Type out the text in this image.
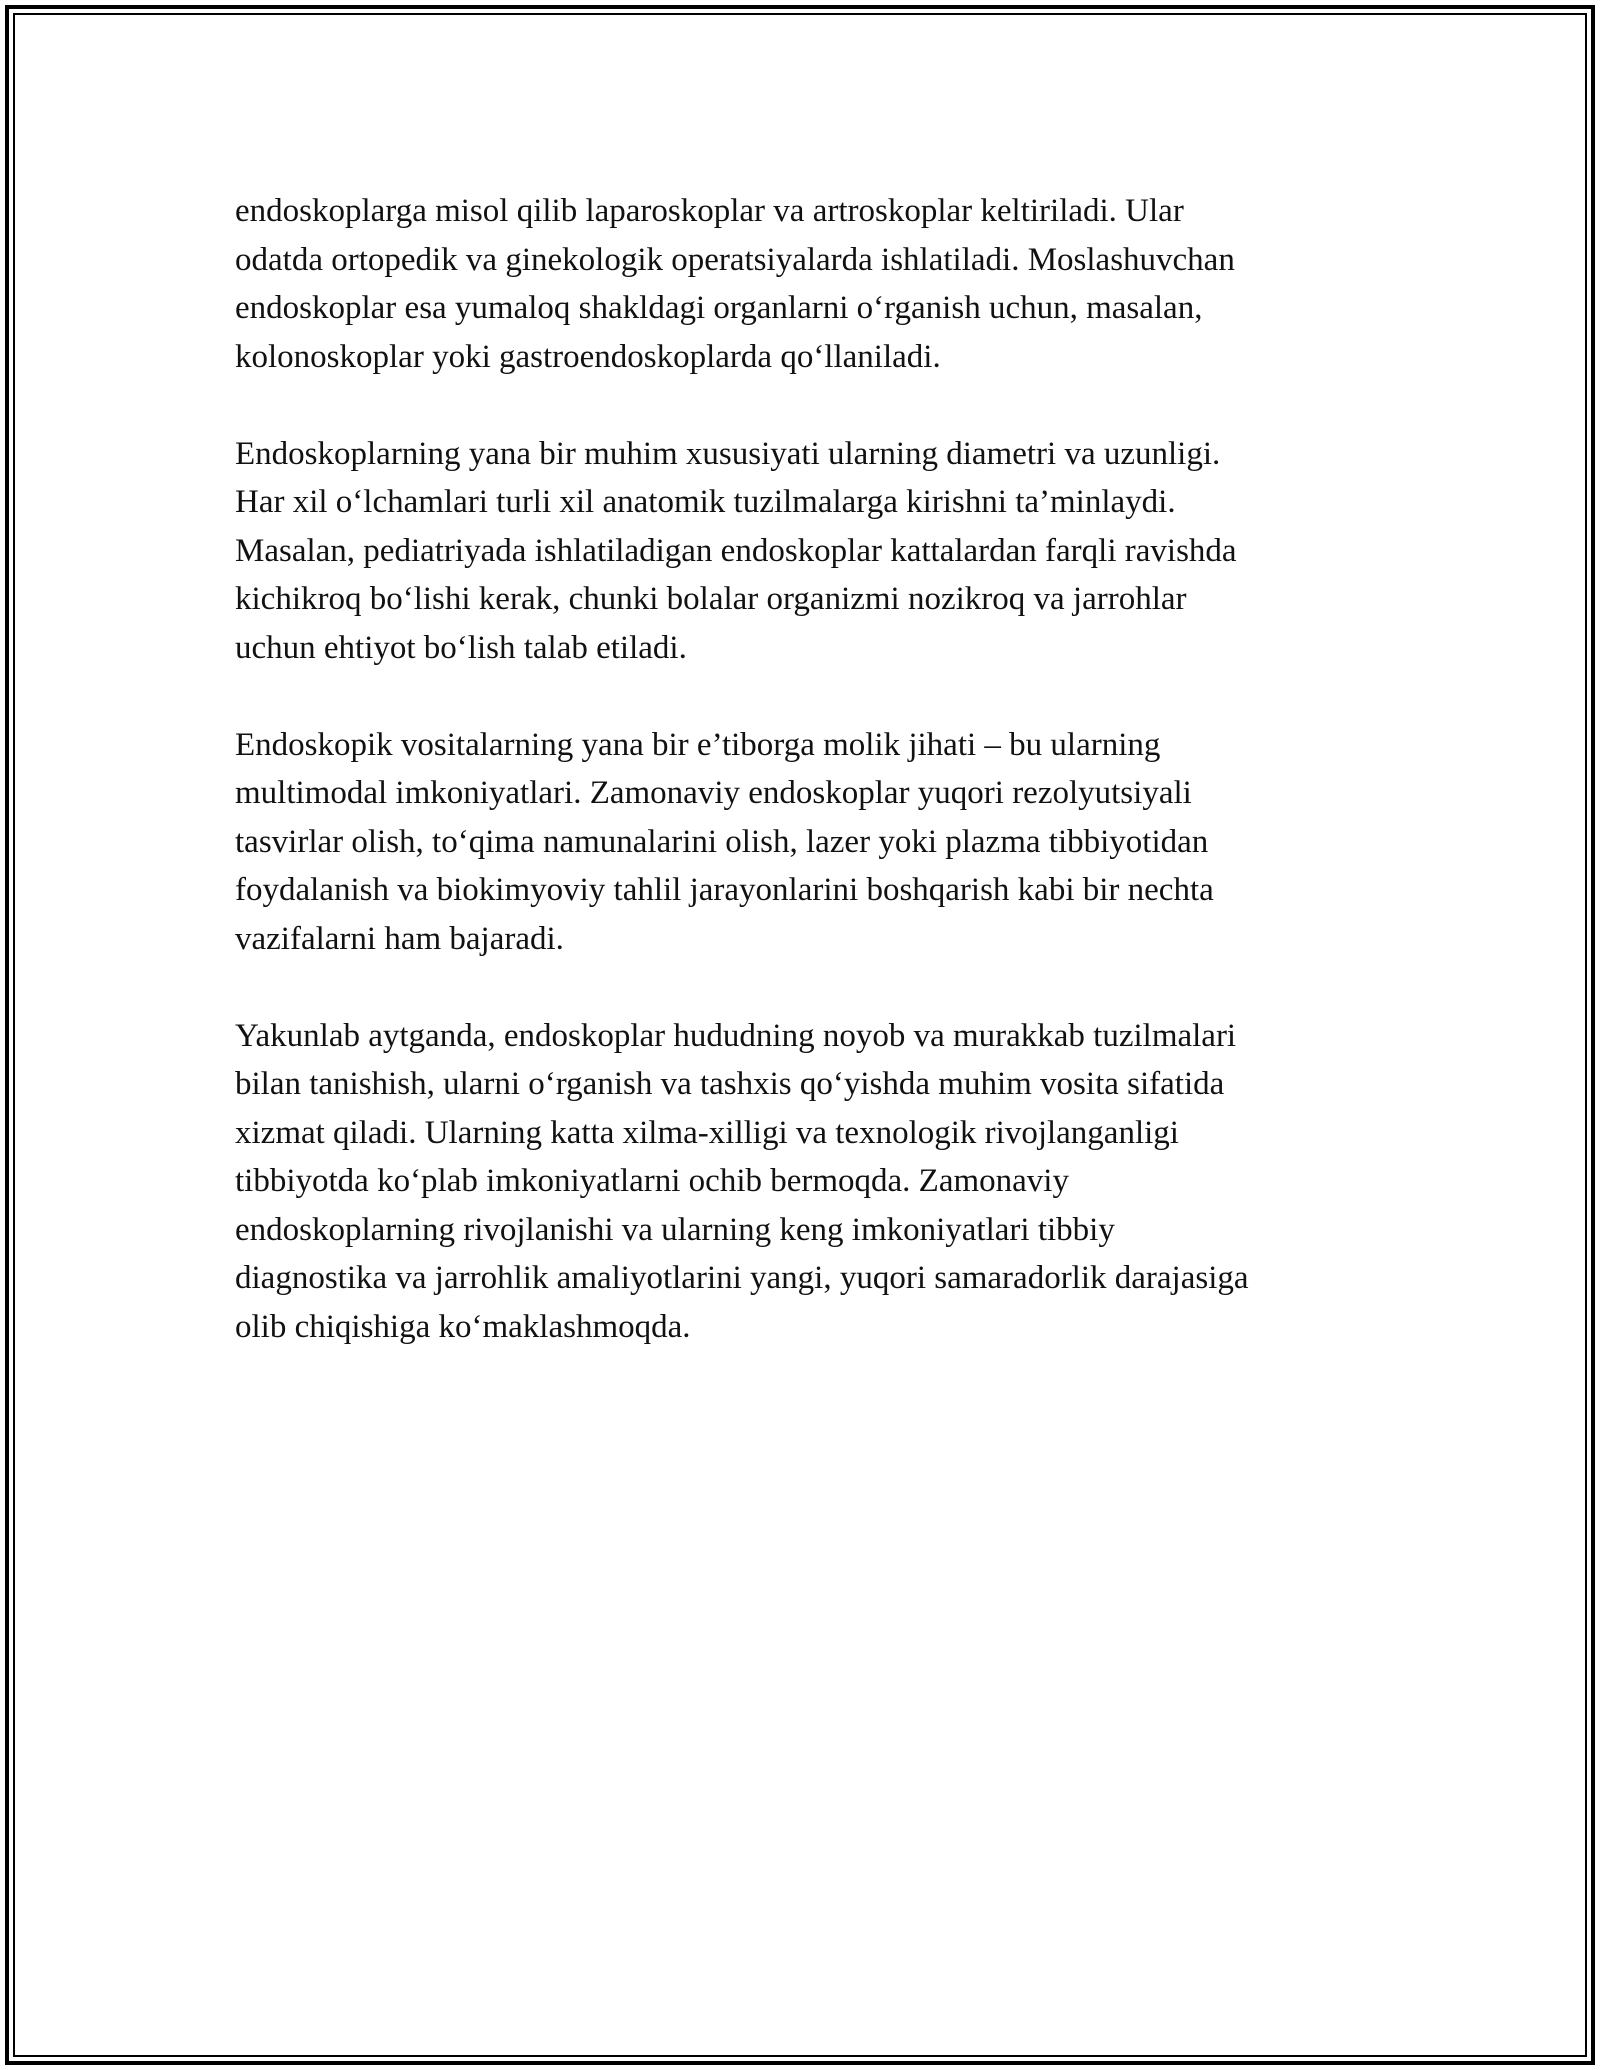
endoskoplarga misol qilib laparoskoplar va artroskoplar keltiriladi. Ular
odatda ortopedik va ginekologik operatsiyalarda ishlatiladi. Moslashuvchan
endoskoplar esa yumaloq shakldagi organlarni o‘rganish uchun, masalan,
kolonoskoplar yoki gastroendoskoplarda qo‘llaniladi.

Endoskoplarning yana bir muhim xususiyati ularning diametri va uzunligi.
Har xil o‘lchamlari turli xil anatomik tuzilmalarga kirishni ta’minlaydi.
Masalan, pediatriyada ishlatiladigan endoskoplar kattalardan farqli ravishda
kichikroq bo‘lishi kerak, chunki bolalar organizmi nozikroq va jarrohlar
uchun ehtiyot bo‘lish talab etiladi.

Endoskopik vositalarning yana bir e’tiborga molik jihati – bu ularning
multimodal imkoniyatlari. Zamonaviy endoskoplar yuqori rezolyutsiyali
tasvirlar olish, to‘qima namunalarini olish, lazer yoki plazma tibbiyotidan
foydalanish va biokimyoviy tahlil jarayonlarini boshqarish kabi bir nechta
vazifalarni ham bajaradi.

Yakunlab aytganda, endoskoplar hududning noyob va murakkab tuzilmalari
bilan tanishish, ularni o‘rganish va tashxis qo‘yishda muhim vosita sifatida
xizmat qiladi. Ularning katta xilma-xilligi va texnologik rivojlanganligi
tibbiyotda ko‘plab imkoniyatlarni ochib bermoqda. Zamonaviy
endoskoplarning rivojlanishi va ularning keng imkoniyatlari tibbiy
diagnostika va jarrohlik amaliyotlarini yangi, yuqori samaradorlik darajasiga
olib chiqishiga ko‘maklashmoqda.
